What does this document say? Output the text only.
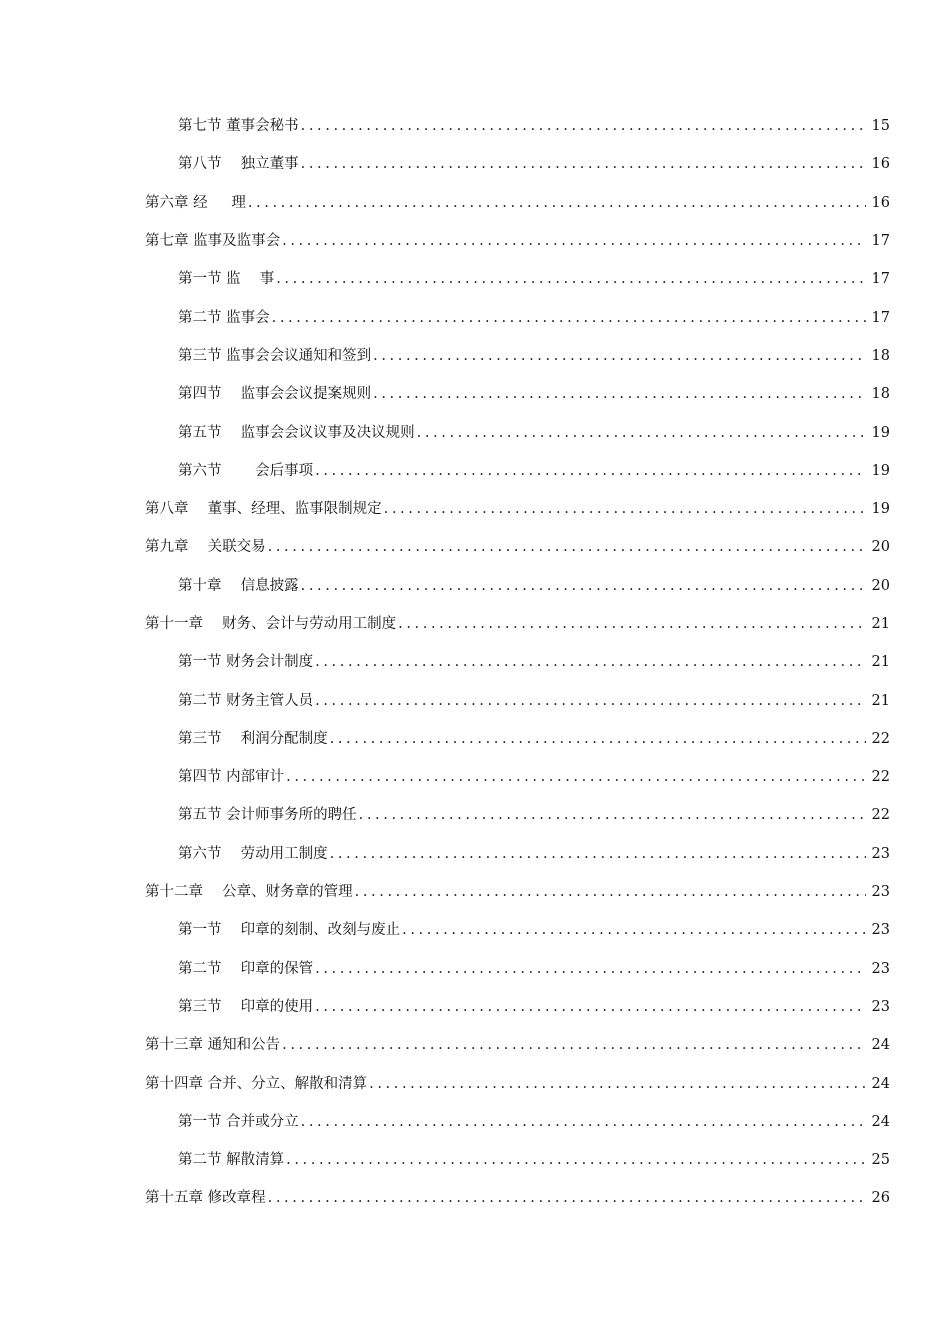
第七节 董事会秘书 .....	15
第八节　 独立董事 .....	16
第六章 经　  理 .....	16
第七章 监事及监事会 .....	17
第一节 监　 事 .....	17
第二节 监事会 .....	17
第三节 监事会会议通知和签到 .....	18
第四节　 监事会会议提案规则 .....	18
第五节　 监事会会议议事及决议规则 .....	19
第六节　　 会后事项 .....	19
第八章　 董事、经理、监事限制规定 .....	19
第九章　 关联交易 .....	20
第十章　 信息披露 .....	20
第十一章　 财务、会计与劳动用工制度 .....	21
第一节 财务会计制度 .....	21
第二节 财务主管人员 .....	21
第三节　 利润分配制度 .....	22
第四节 内部审计 .....	22
第五节 会计师事务所的聘任 .....	22
第六节　 劳动用工制度 .....	23
第十二章　 公章、财务章的管理 .....	23
第一节　 印章的刻制、改刻与废止 .....	23
第二节　 印章的保管 .....	23
第三节　 印章的使用 .....	23
第十三章 通知和公告 .....	24
第十四章 合并、分立、解散和清算 .....	24
第一节 合并或分立 .....	24
第二节 解散清算 .....	25
第十五章 修改章程 .....	26
